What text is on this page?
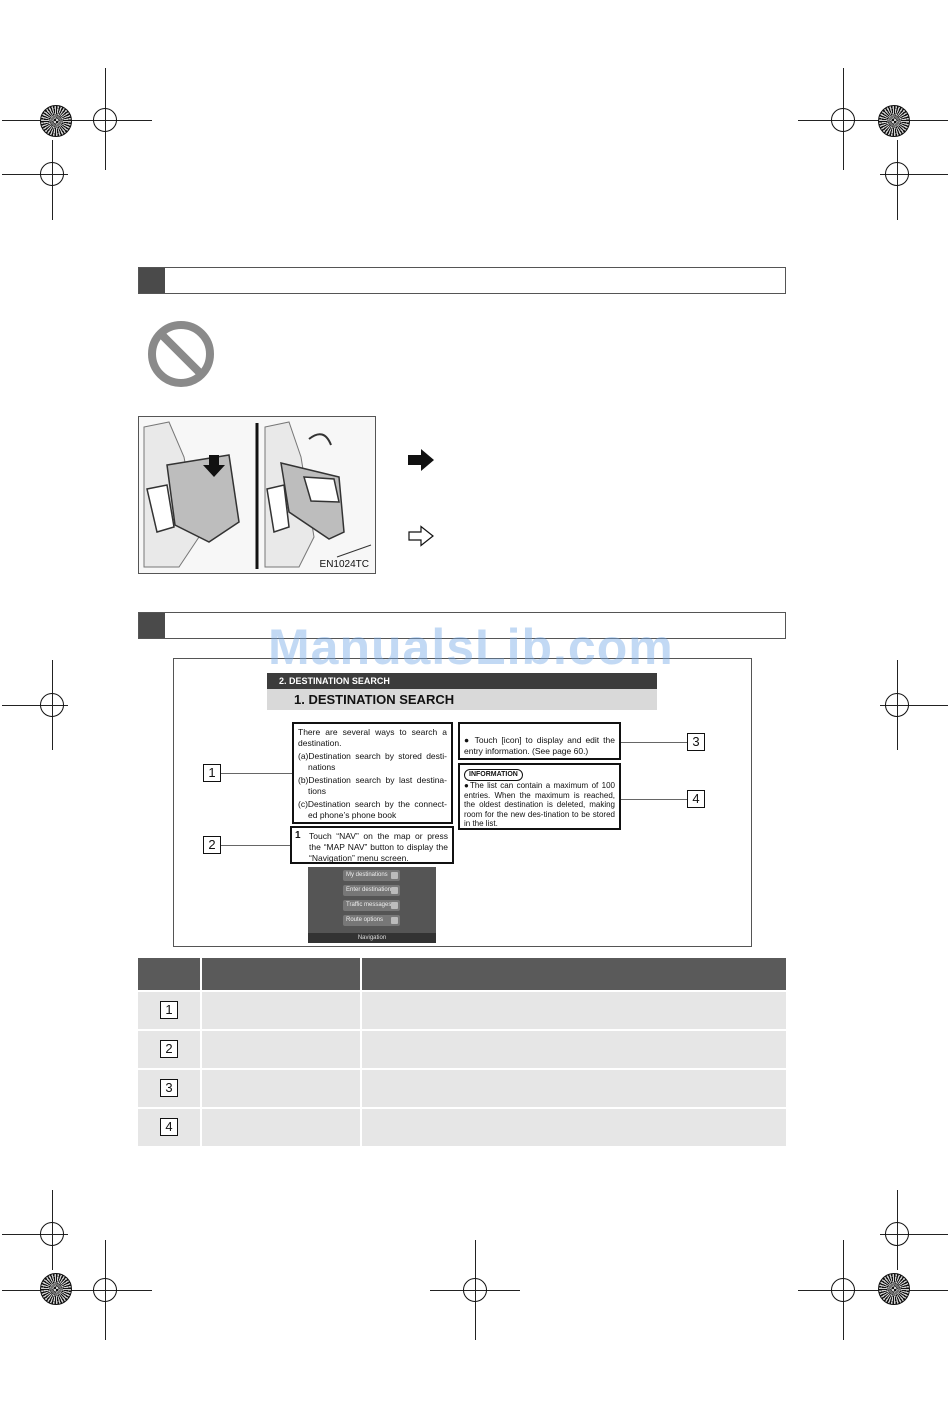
EN1024TC
2. DESTINATION SEARCH
1. DESTINATION SEARCH

There are several ways to search a destination.

(a)Destination search by stored desti-nations

(b)Destination search by last destina-tions

(c)Destination search by the connect-ed phone’s phone book

1 Touch “NAV” on the map or press the “MAP NAV” button to display the “Navigation” menu screen.

● Touch [icon] to display and edit the entry information. (See page 60.)

INFORMATION

●The list can contain a maximum of 100 entries. When the maximum is reached, the oldest destination is deleted, making room for the new des-tination to be stored in the list.

My destinations
Enter destination
Traffic messages
Route options
Navigation
1
2
3
4
ManualsLib.com

1		
2		
3		
4		
